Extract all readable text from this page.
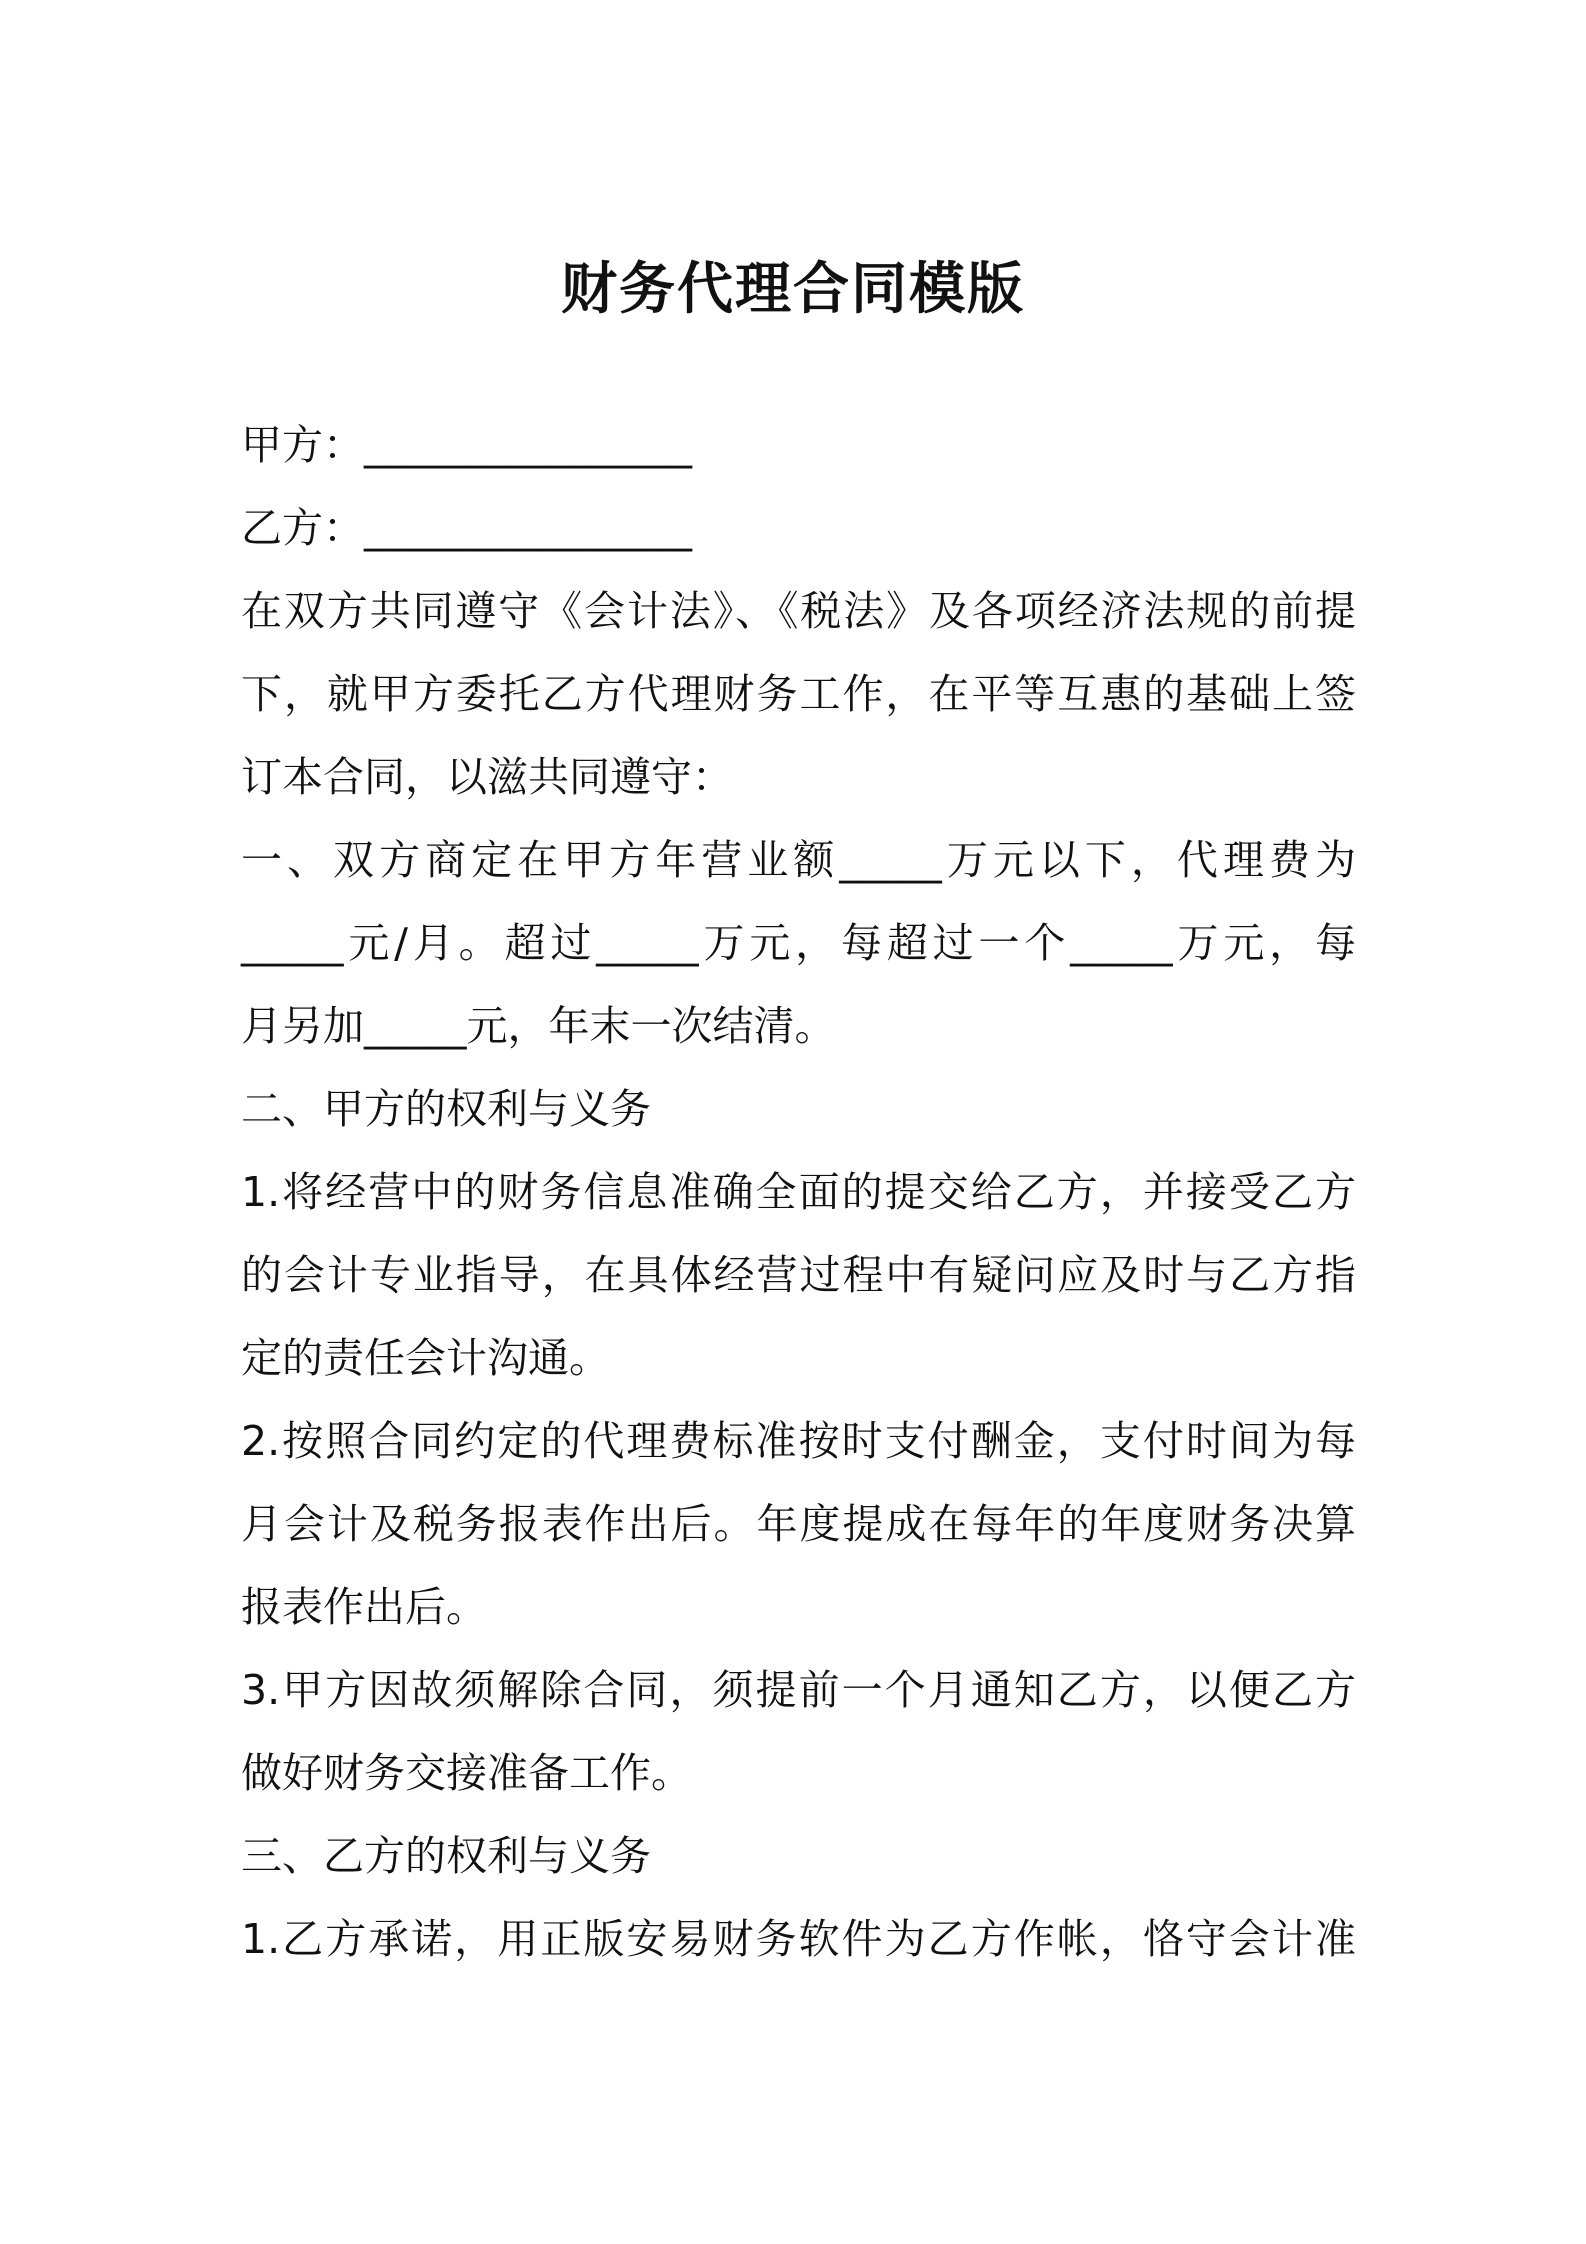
财务代理合同模版
甲方：________________
乙方：________________
在双方共同遵守《会计法》、《税法》及各项经济法规的前提
下，就甲方委托乙方代理财务工作，在平等互惠的基础上签
订本合同，以滋共同遵守：
一、双方商定在甲方年营业额_____万元以下，代理费为
_____元/月。超过_____万元，每超过一个_____万元，每
月另加_____元，年末一次结清。
二、甲方的权利与义务
1.将经营中的财务信息准确全面的提交给乙方，并接受乙方
的会计专业指导，在具体经营过程中有疑问应及时与乙方指
定的责任会计沟通。
2.按照合同约定的代理费标准按时支付酬金，支付时间为每
月会计及税务报表作出后。年度提成在每年的年度财务决算
报表作出后。
3.甲方因故须解除合同，须提前一个月通知乙方，以便乙方
做好财务交接准备工作。
三、乙方的权利与义务
1.乙方承诺，用正版安易财务软件为乙方作帐，恪守会计准
